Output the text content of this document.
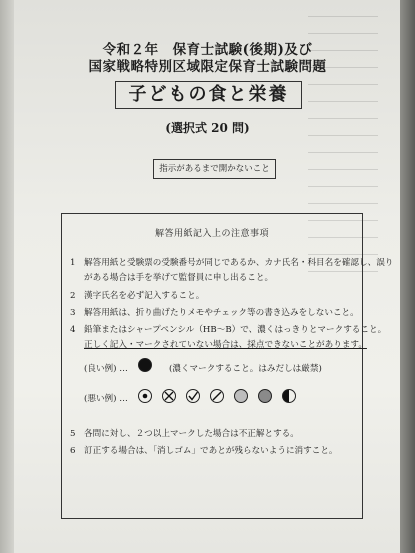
令和２年　保育士試験(後期)及び
国家戦略特別区域限定保育士試験問題
子どもの食と栄養
(選択式 20 問)
指示があるまで開かないこと
解答用紙記入上の注意事項
1 解答用紙と受験票の受験番号が同じであるか、カナ氏名・科目名を確認し、誤り
がある場合は手を挙げて監督員に申し出ること。
2 漢字氏名を必ず記入すること。
3 解答用紙は、折り曲げたりメモやチェック等の書き込みをしないこと。
4 鉛筆またはシャープペンシル（HB～B）で、濃くはっきりとマークすること。
正しく記入・マークされていない場合は、採点できないことがあります。
(良い例) …	(濃くマークすること。はみだしは厳禁)
(悪い例) …
5 各問に対し、２つ以上マークした場合は不正解とする。
6 訂正する場合は、「消しゴム」であとが残らないように消すこと。
